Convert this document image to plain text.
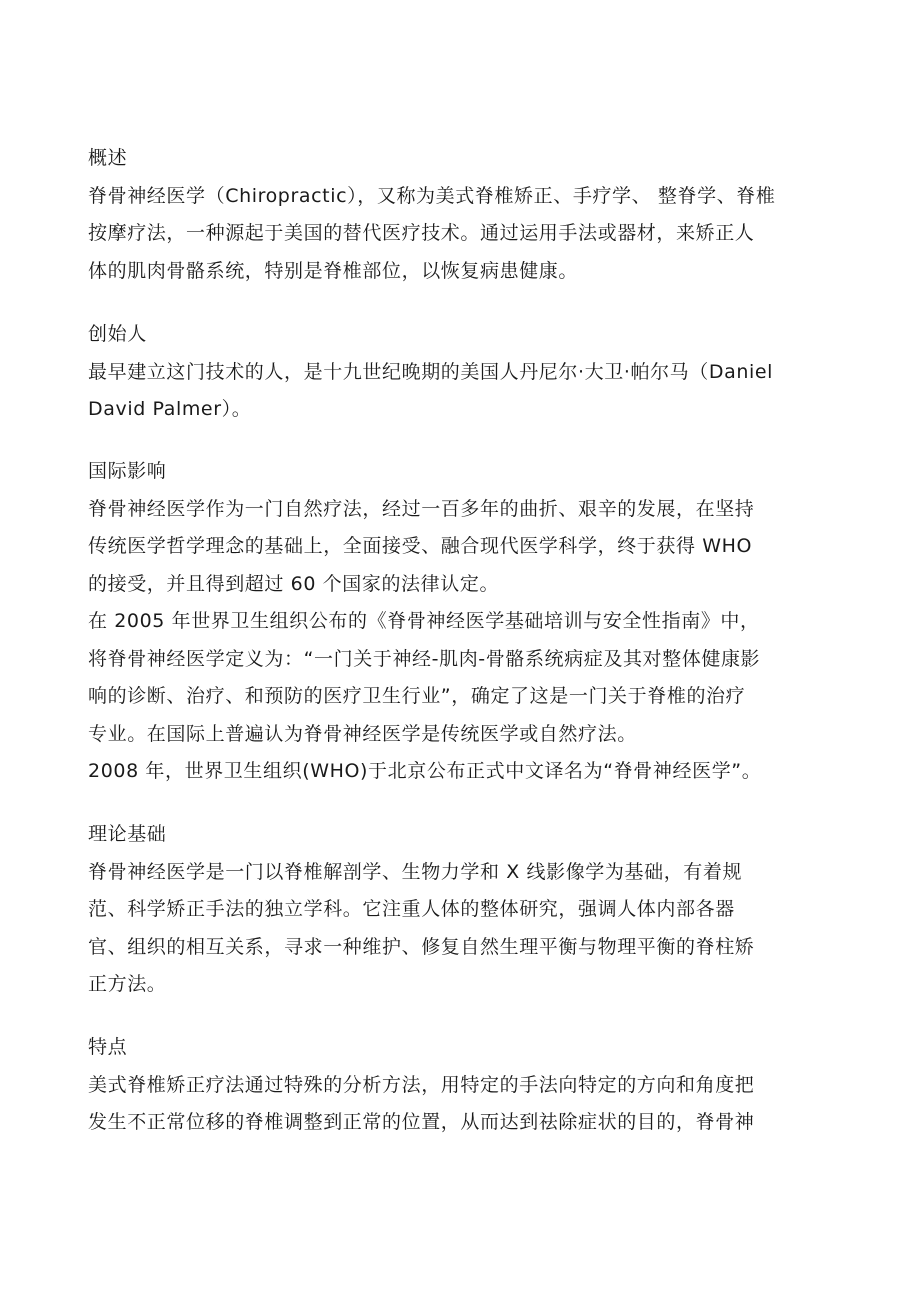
概述
脊骨神经医学（Chiropractic），又称为美式脊椎矫正、手疗学、 整脊学、脊椎
按摩疗法，一种源起于美国的替代医疗技术。通过运用手法或器材，来矫正人
体的肌肉骨骼系统，特别是脊椎部位，以恢复病患健康。
创始人
最早建立这门技术的人，是十九世纪晚期的美国人丹尼尔·大卫·帕尔马（Daniel
David Palmer）。
国际影响
脊骨神经医学作为一门自然疗法，经过一百多年的曲折、艰辛的发展，在坚持
传统医学哲学理念的基础上，全面接受、融合现代医学科学，终于获得 WHO
的接受，并且得到超过 60 个国家的法律认定。
在 2005 年世界卫生组织公布的《脊骨神经医学基础培训与安全性指南》中，
将脊骨神经医学定义为：“一门关于神经-肌肉-骨骼系统病症及其对整体健康影
响的诊断、治疗、和预防的医疗卫生行业”，确定了这是一门关于脊椎的治疗
专业。在国际上普遍认为脊骨神经医学是传统医学或自然疗法。
2008 年，世界卫生组织(WHO)于北京公布正式中文译名为“脊骨神经医学”。
理论基础
脊骨神经医学是一门以脊椎解剖学、生物力学和 X 线影像学为基础，有着规
范、科学矫正手法的独立学科。它注重人体的整体研究，强调人体内部各器
官、组织的相互关系，寻求一种维护、修复自然生理平衡与物理平衡的脊柱矫
正方法。
特点
美式脊椎矫正疗法通过特殊的分析方法，用特定的手法向特定的方向和角度把
发生不正常位移的脊椎调整到正常的位置，从而达到祛除症状的目的，脊骨神
